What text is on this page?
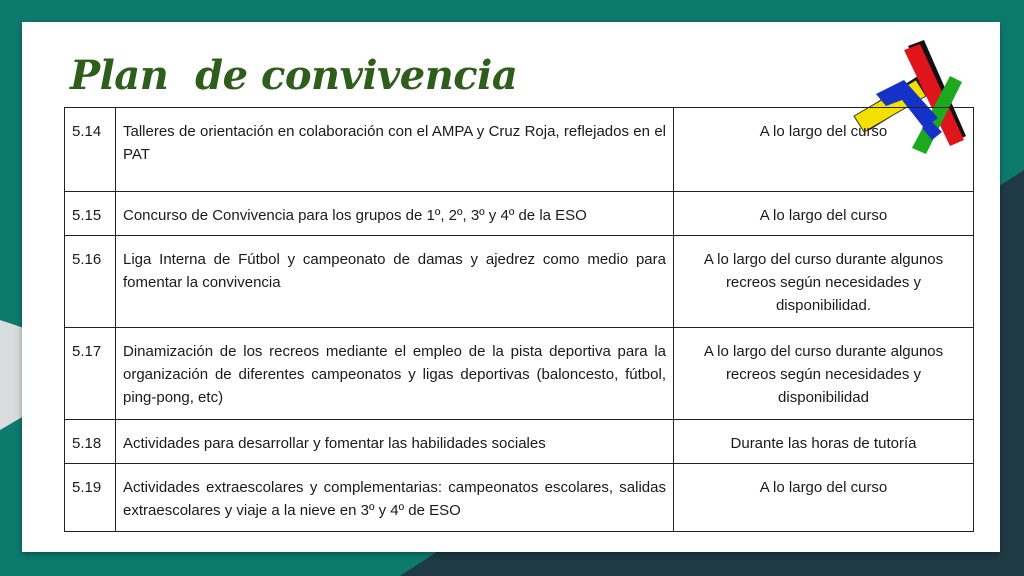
Plan  de convivencia
5.14	Talleres de orientación en colaboración con el AMPA y Cruz Roja, reflejados en el PAT	A lo largo del curso
5.15	Concurso de Convivencia para los grupos de 1º, 2º, 3º y 4º de la ESO	A lo largo del curso
5.16	Liga Interna de Fútbol y campeonato de damas y ajedrez como medio para fomentar la convivencia	A lo largo del curso durante algunos recreos según necesidades y disponibilidad.
5.17	Dinamización de los recreos mediante el empleo de la pista deportiva para la organización de diferentes campeonatos y ligas deportivas (baloncesto, fútbol, ping-pong, etc)	A lo largo del curso durante algunos recreos según necesidades y disponibilidad
5.18	Actividades para desarrollar y fomentar las habilidades sociales	Durante las horas de tutoría
5.19	Actividades extraescolares y complementarias: campeonatos escolares, salidas extraescolares y viaje a la nieve en 3º y 4º de ESO	A lo largo del curso
